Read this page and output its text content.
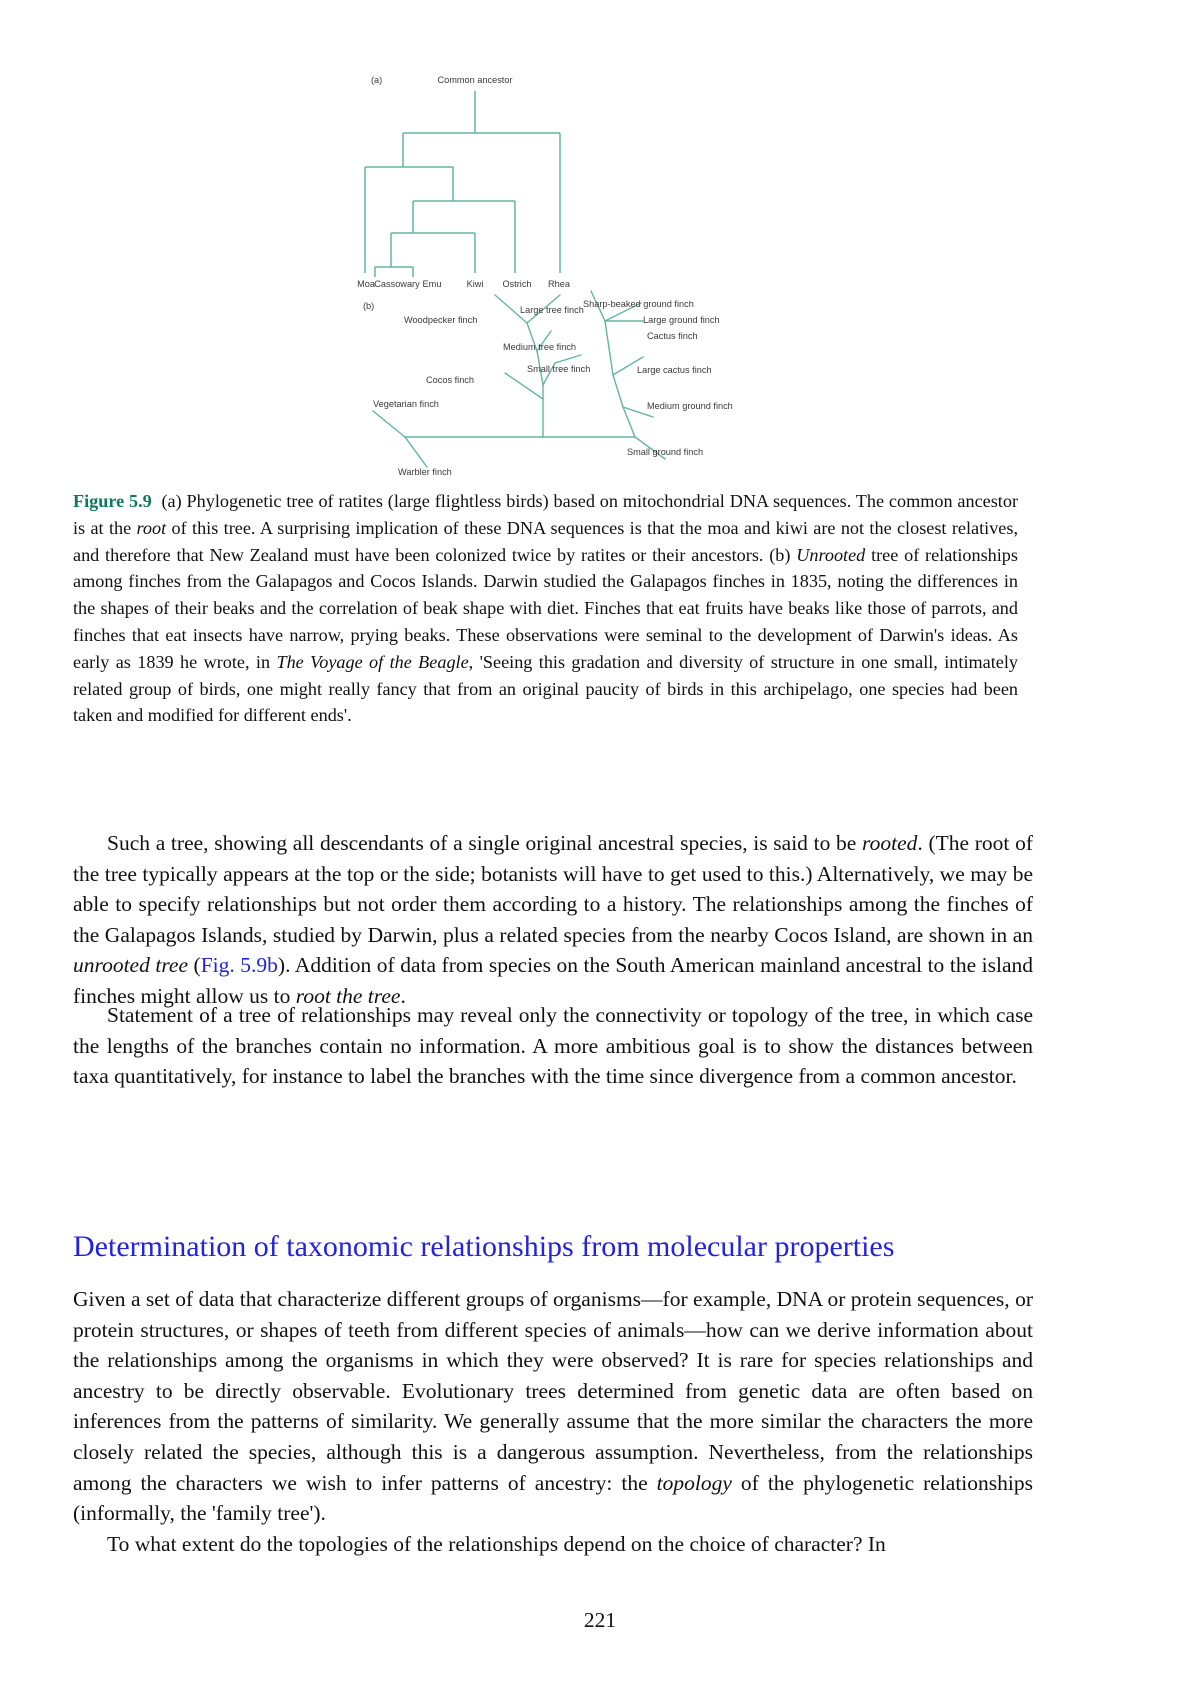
(a)	Common ancestor
Moa Cassowary Emu	Kiwi Ostrich Rhea
(b)
Woodpecker finch
Large tree finch
Sharp-beaked ground finch
Large ground finch
Cactus finch
Medium tree finch
Small tree finch	Large cactus finch
Cocos finch
Medium ground finch
Vegetarian finch
Small ground finch
Warbler finch
Figure 5.9 (a) Phylogenetic tree of ratites (large flightless birds) based on mitochondrial DNA sequences. The common ancestor is at the root of this tree. A surprising implication of these DNA sequences is that the moa and kiwi are not the closest relatives, and therefore that New Zealand must have been colonized twice by ratites or their ancestors. (b) Unrooted tree of relationships among finches from the Galapagos and Cocos Islands. Darwin studied the Galapagos finches in 1835, noting the differences in the shapes of their beaks and the correlation of beak shape with diet. Finches that eat fruits have beaks like those of parrots, and finches that eat insects have narrow, prying beaks. These observations were seminal to the development of Darwin's ideas. As early as 1839 he wrote, in The Voyage of the Beagle, 'Seeing this gradation and diversity of structure in one small, intimately related group of birds, one might really fancy that from an original paucity of birds in this archipelago, one species had been taken and modified for different ends'.

Such a tree, showing all descendants of a single original ancestral species, is said to be rooted. (The root of the tree typically appears at the top or the side; botanists will have to get used to this.) Alternatively, we may be able to specify relationships but not order them according to a history. The relationships among the finches of the Galapagos Islands, studied by Darwin, plus a related species from the nearby Cocos Island, are shown in an unrooted tree (Fig. 5.9b). Addition of data from species on the South American mainland ancestral to the island finches might allow us to root the tree.

Statement of a tree of relationships may reveal only the connectivity or topology of the tree, in which case the lengths of the branches contain no information. A more ambitious goal is to show the distances between taxa quantitatively, for instance to label the branches with the time since divergence from a common ancestor.

Determination of taxonomic relationships from molecular properties

Given a set of data that characterize different groups of organisms—for example, DNA or protein sequences, or protein structures, or shapes of teeth from different species of animals—how can we derive information about the relationships among the organisms in which they were observed? It is rare for species relationships and ancestry to be directly observable. Evolutionary trees determined from genetic data are often based on inferences from the patterns of similarity. We generally assume that the more similar the characters the more closely related the species, although this is a dangerous assumption. Nevertheless, from the relationships among the characters we wish to infer patterns of ancestry: the topology of the phylogenetic relationships (informally, the 'family tree').

To what extent do the topologies of the relationships depend on the choice of character? In

221
